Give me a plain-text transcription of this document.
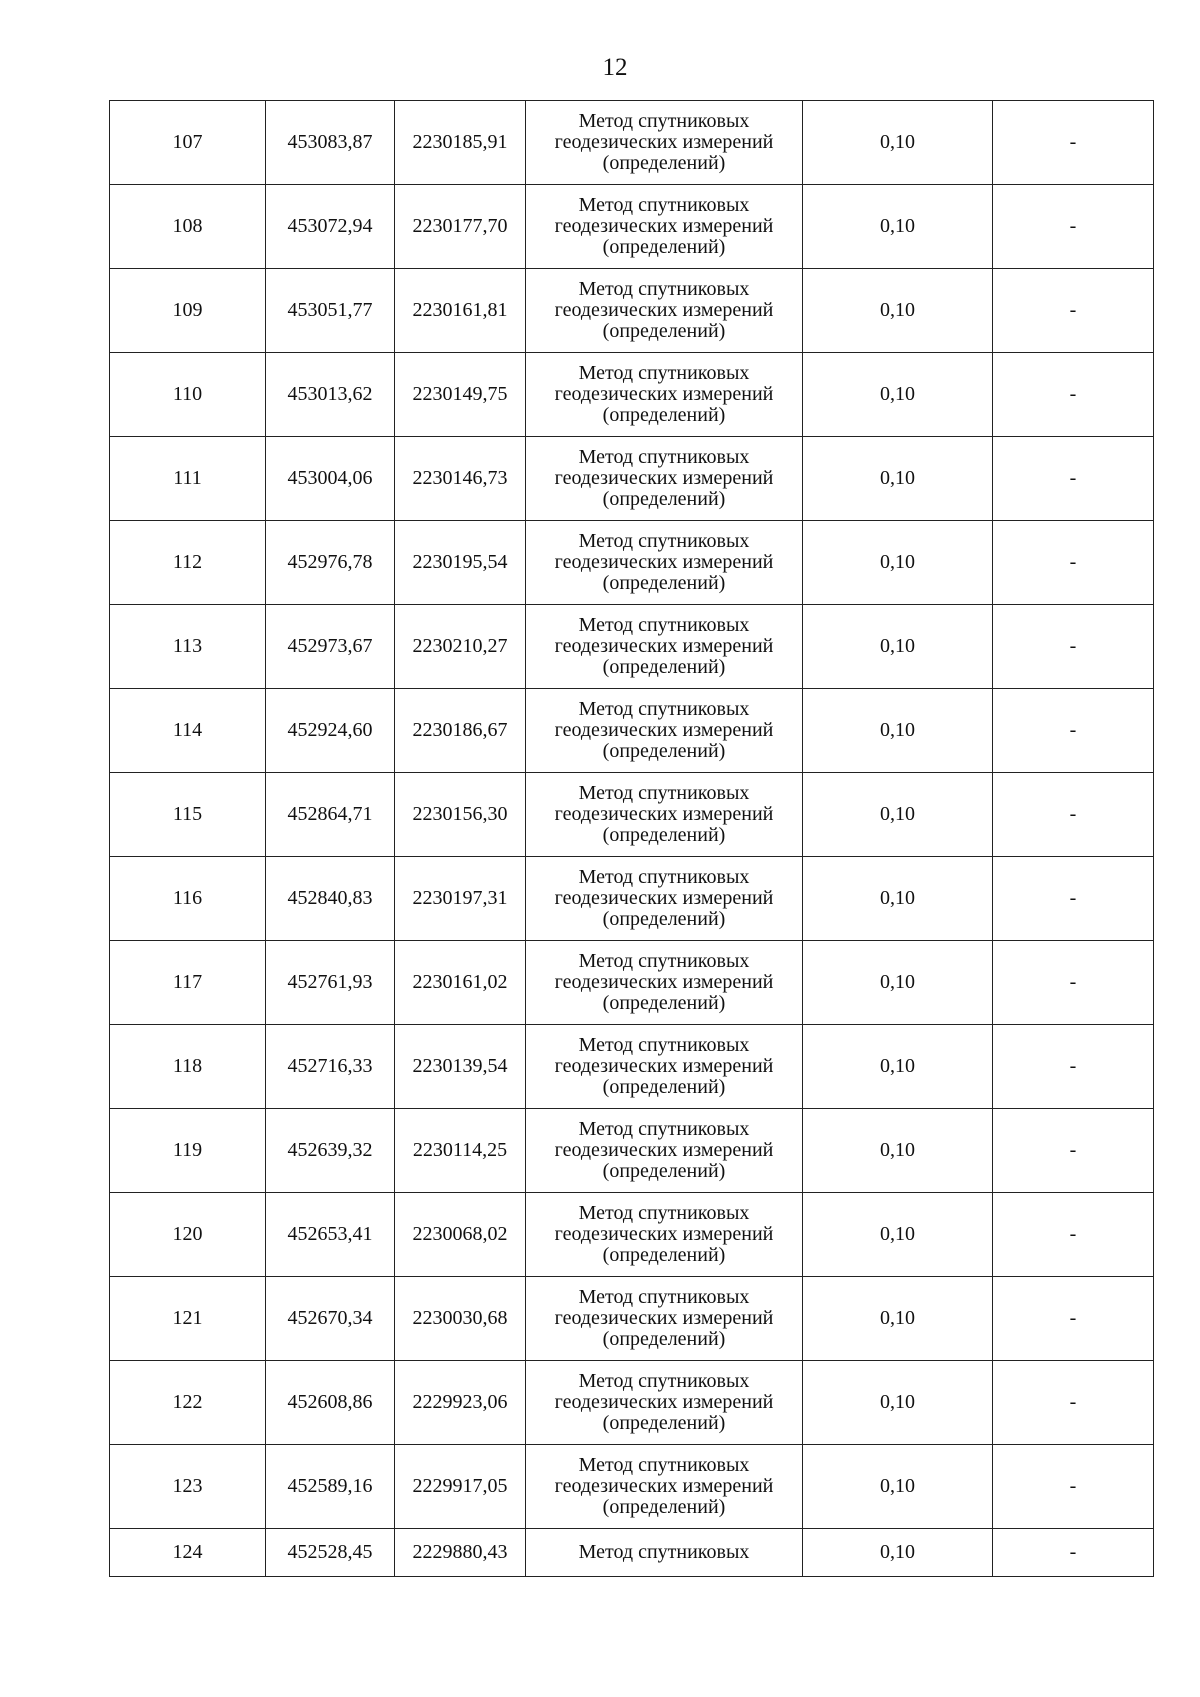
12
107	453083,87	2230185,91	Метод спутниковых
геодезических измерений
(определений)	0,10	-
108	453072,94	2230177,70	Метод спутниковых
геодезических измерений
(определений)	0,10	-
109	453051,77	2230161,81	Метод спутниковых
геодезических измерений
(определений)	0,10	-
110	453013,62	2230149,75	Метод спутниковых
геодезических измерений
(определений)	0,10	-
111	453004,06	2230146,73	Метод спутниковых
геодезических измерений
(определений)	0,10	-
112	452976,78	2230195,54	Метод спутниковых
геодезических измерений
(определений)	0,10	-
113	452973,67	2230210,27	Метод спутниковых
геодезических измерений
(определений)	0,10	-
114	452924,60	2230186,67	Метод спутниковых
геодезических измерений
(определений)	0,10	-
115	452864,71	2230156,30	Метод спутниковых
геодезических измерений
(определений)	0,10	-
116	452840,83	2230197,31	Метод спутниковых
геодезических измерений
(определений)	0,10	-
117	452761,93	2230161,02	Метод спутниковых
геодезических измерений
(определений)	0,10	-
118	452716,33	2230139,54	Метод спутниковых
геодезических измерений
(определений)	0,10	-
119	452639,32	2230114,25	Метод спутниковых
геодезических измерений
(определений)	0,10	-
120	452653,41	2230068,02	Метод спутниковых
геодезических измерений
(определений)	0,10	-
121	452670,34	2230030,68	Метод спутниковых
геодезических измерений
(определений)	0,10	-
122	452608,86	2229923,06	Метод спутниковых
геодезических измерений
(определений)	0,10	-
123	452589,16	2229917,05	Метод спутниковых
геодезических измерений
(определений)	0,10	-
124	452528,45	2229880,43	Метод спутниковых	0,10	-
